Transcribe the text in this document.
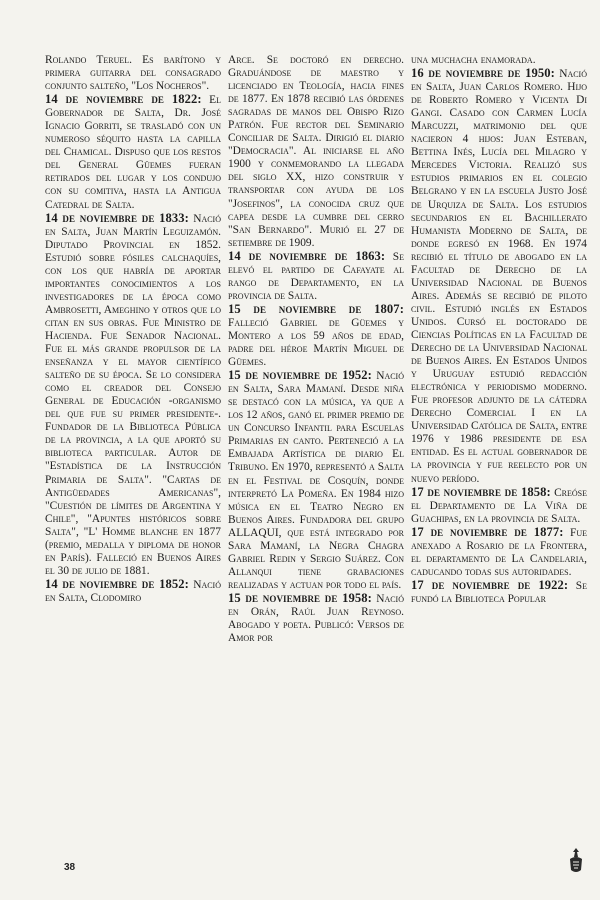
Rolando Teruel. Es barítono y primera guitarra del consagrado conjunto salteño, "Los Nocheros".

14 de noviembre de 1822: El Gobernador de Salta, Dr. José Ignacio Gorriti, se trasladó con un numeroso séquito hasta la capilla del Chamical. Dispuso que los restos del General Güemes fueran retirados del lugar y los condujo con su comitiva, hasta la Antigua Catedral de Salta.

14 de noviembre de 1833: Nació en Salta, Juan Martín Leguizamón. Diputado Provincial en 1852. Estudió sobre fósiles calchaquíes, con los que habría de aportar importantes conocimientos a los investigadores de la época como Ambrosetti, Ameghino y otros que lo citan en sus obras. Fue Ministro de Hacienda. Fue Senador Nacional. Fue el más grande propulsor de la enseñanza y el mayor científico salteño de su época. Se lo considera como el creador del Consejo General de Educación -organismo del que fue su primer presidente-. Fundador de la Biblioteca Pública de la provincia, a la que aportó su biblioteca particular. Autor de "Estadística de la Instrucción Primaria de Salta". "Cartas de Antigüedades Americanas", "Cuestión de límites de Argentina y Chile", "Apuntes históricos sobre Salta", "L' Homme blanche en 1877 (premio, medalla y diploma de honor en París). Falleció en Buenos Aires el 30 de julio de 1881.

14 de noviembre de 1852: Nació en Salta, Clodomiro

Arce. Se doctoró en derecho. Graduándose de maestro y licenciado en Teología, hacia fines de 1877. En 1878 recibió las órdenes sagradas de manos del Obispo Rizo Patrón. Fue rector del Seminario Conciliar de Salta. Dirigió el diario "Democracia". Al iniciarse el año 1900 y conmemorando la llegada del siglo XX, hizo construir y transportar con ayuda de los "Josefinos", la conocida cruz que capea desde la cumbre del cerro "San Bernardo". Murió el 27 de setiembre de 1909.

14 de noviembre de 1863: Se elevó el partido de Cafayate al rango de Departamento, en la provincia de Salta.

15 de noviembre de 1807: Falleció Gabriel de Güemes y Montero a los 59 años de edad, padre del héroe Martín Miguel de Güemes.

15 de noviembre de 1952: Nació en Salta, Sara Mamaní. Desde niña se destacó con la música, ya que a los 12 años, ganó el primer premio de un Concurso Infantil para Escuelas Primarias en canto. Perteneció a la Embajada Artística de diario El Tribuno. En 1970, representó a Salta en el Festival de Cosquín, donde interpretó La Pomeña. En 1984 hizo música en el Teatro Negro en Buenos Aires. Fundadora del grupo ALLAQUI, que está integrado por Sara Mamaní, la Negra Chagra Gabriel Redin y Sergio Suárez. Con Allanqui tiene grabaciones realizadas y actuan por todo el país.

15 de noviembre de 1958: Nació en Orán, Raúl Juan Reynoso. Abogado y poeta. Publicó: Versos de Amor por

una muchacha enamorada.

16 de noviembre de 1950: Nació en Salta, Juan Carlos Romero. Hijo de Roberto Romero y Vicenta Di Gangi. Casado con Carmen Lucía Marcuzzi, matrimonio del que nacieron 4 hijos: Juan Esteban, Bettina Inés, Lucía del Milagro y Mercedes Victoria. Realizó sus estudios primarios en el colegio Belgrano y en la escuela Justo José de Urquiza de Salta. Los estudios secundarios en el Bachillerato Humanista Moderno de Salta, de donde egresó en 1968. En 1974 recibió el título de abogado en la Facultad de Derecho de la Universidad Nacional de Buenos Aires. Además se recibió de piloto civil. Estudió inglés en Estados Unidos. Cursó el doctorado de Ciencias Políticas en la Facultad de Derecho de la Universidad Nacional de Buenos Aires. En Estados Unidos y Uruguay estudió redacción electrónica y periodismo moderno. Fue profesor adjunto de la cátedra Derecho Comercial I en la Universidad Católica de Salta, entre 1976 y 1986 presidente de esa entidad. Es el actual gobernador de la provincia y fue reelecto por un nuevo período.

17 de noviembre de 1858: Creóse el Departamento de La Viña de Guachipas, en la provincia de Salta.

17 de noviembre de 1877: Fue anexado a Rosario de la Frontera, el departamento de La Candelaria, caducando todas sus autoridades.

17 de noviembre de 1922: Se fundó la Biblioteca Popular

38
